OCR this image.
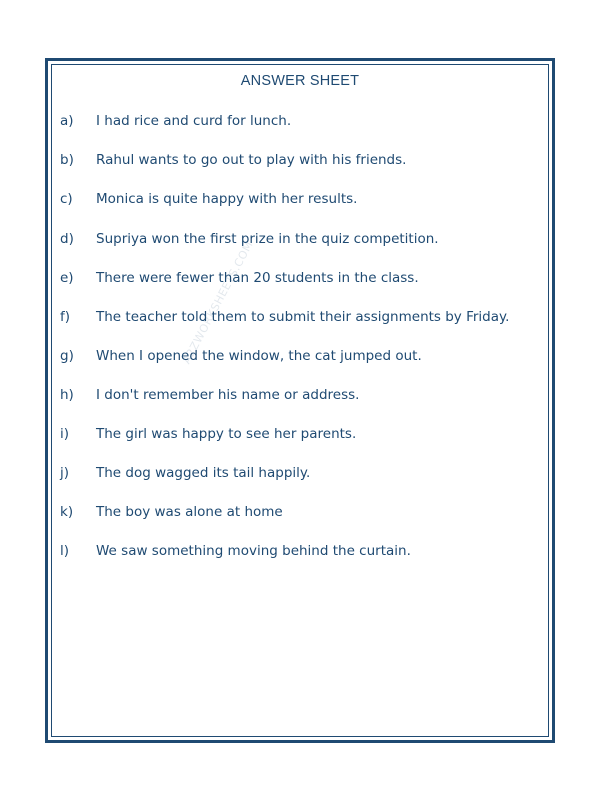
ANSWER SHEET
a) I had rice and curd for lunch.
b) Rahul wants to go out to play with his friends.
c) Monica is quite happy with her results.
d) Supriya won the first prize in the quiz competition.
e) There were fewer than 20 students in the class.
f) The teacher told them to submit their assignments by Friday.
g) When I opened the window, the cat jumped out.
h) I don't remember his name or address.
i) The girl was happy to see her parents.
j) The dog wagged its tail happily.
k) The boy was alone at home
l) We saw something moving behind the curtain.
A2ZWORKSHEETS.COM
